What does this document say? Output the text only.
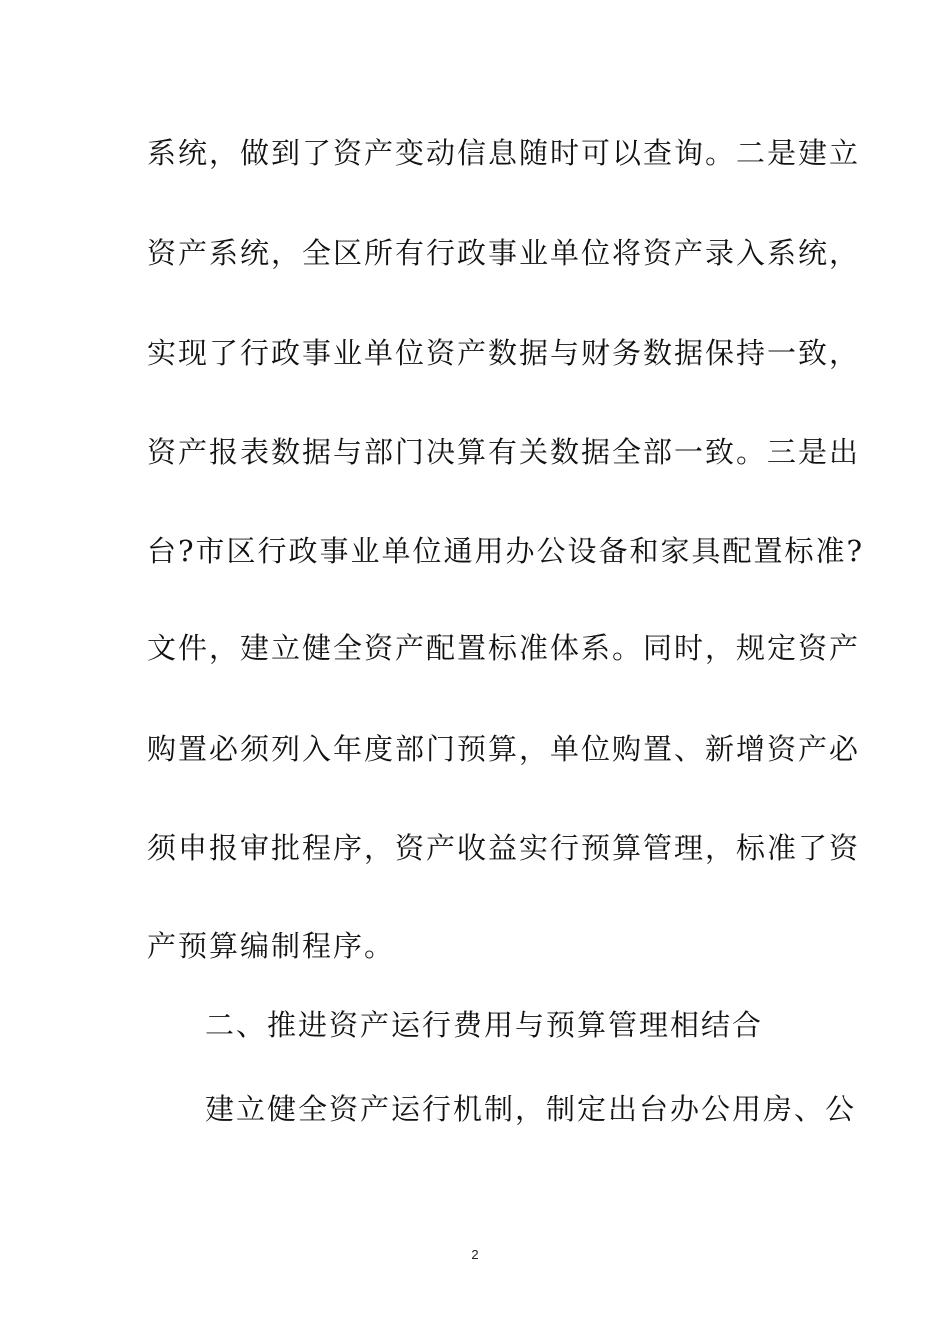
系统，做到了资产变动信息随时可以查询。二是建立
资产系统，全区所有行政事业单位将资产录入系统，
实现了行政事业单位资产数据与财务数据保持一致，
资产报表数据与部门决算有关数据全部一致。三是出
台?市区行政事业单位通用办公设备和家具配置标准?
文件，建立健全资产配置标准体系。同时，规定资产
购置必须列入年度部门预算，单位购置、新增资产必
须申报审批程序，资产收益实行预算管理，标准了资
产预算编制程序。
二、推进资产运行费用与预算管理相结合
建立健全资产运行机制，制定出台办公用房、公
2
